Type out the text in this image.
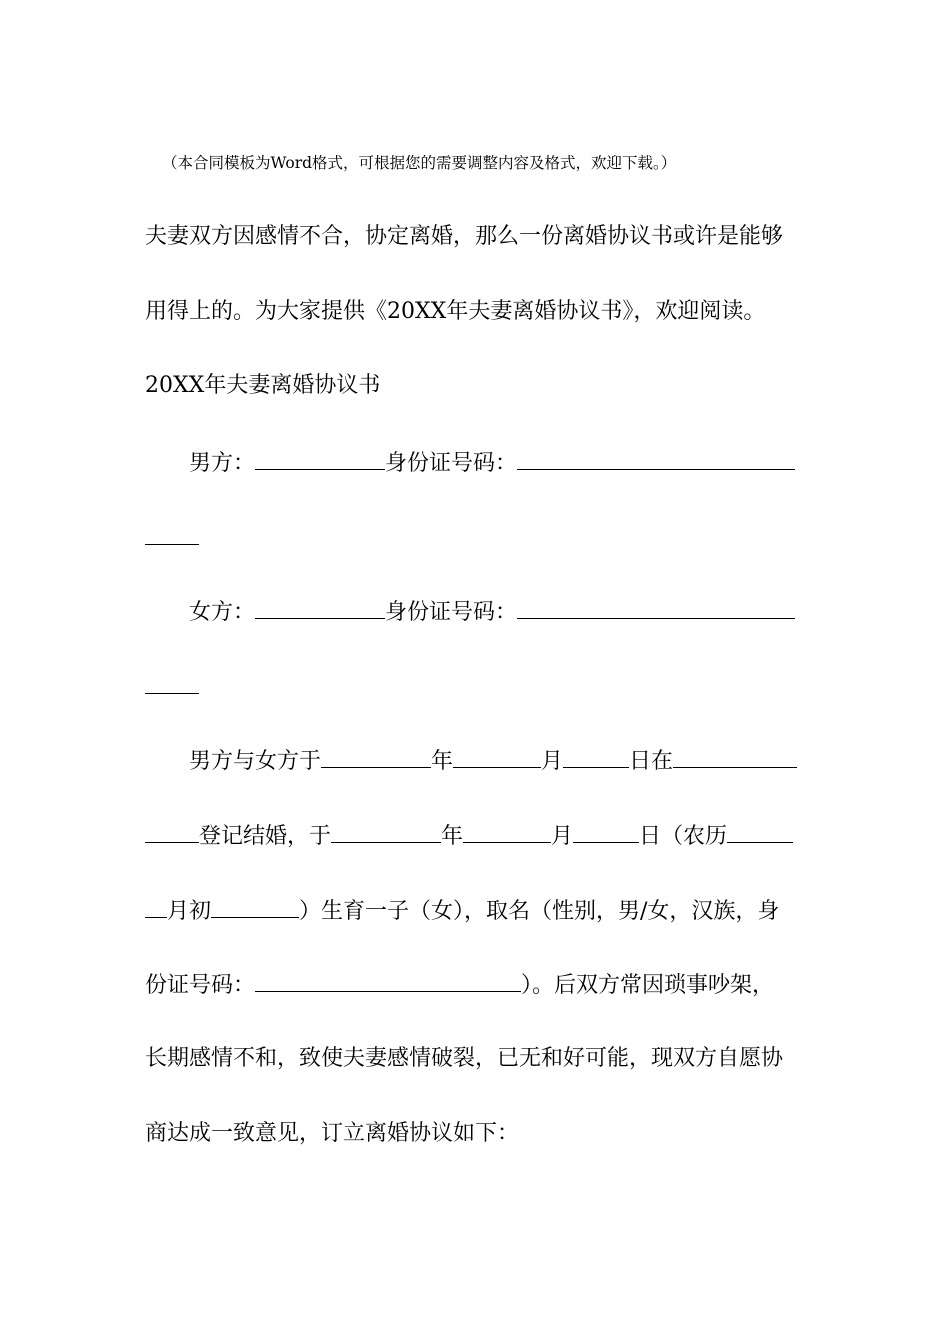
（本合同模板为Word格式，可根据您的需要调整内容及格式，欢迎下载。）
夫妻双方因感情不合，协定离婚，那么一份离婚协议书或许是能够
用得上的。为大家提供《20XX年夫妻离婚协议书》，欢迎阅读。
20XX年夫妻离婚协议书
男方：	身份证号码：
女方：	身份证号码：
男方与女方于	年	月	日在
登记结婚，于	年	月	日（农历
月初	）生育一子（女），取名（性别，男/女，汉族，身
份证号码：	）。后双方常因琐事吵架，
长期感情不和，致使夫妻感情破裂，已无和好可能，现双方自愿协
商达成一致意见，订立离婚协议如下：
